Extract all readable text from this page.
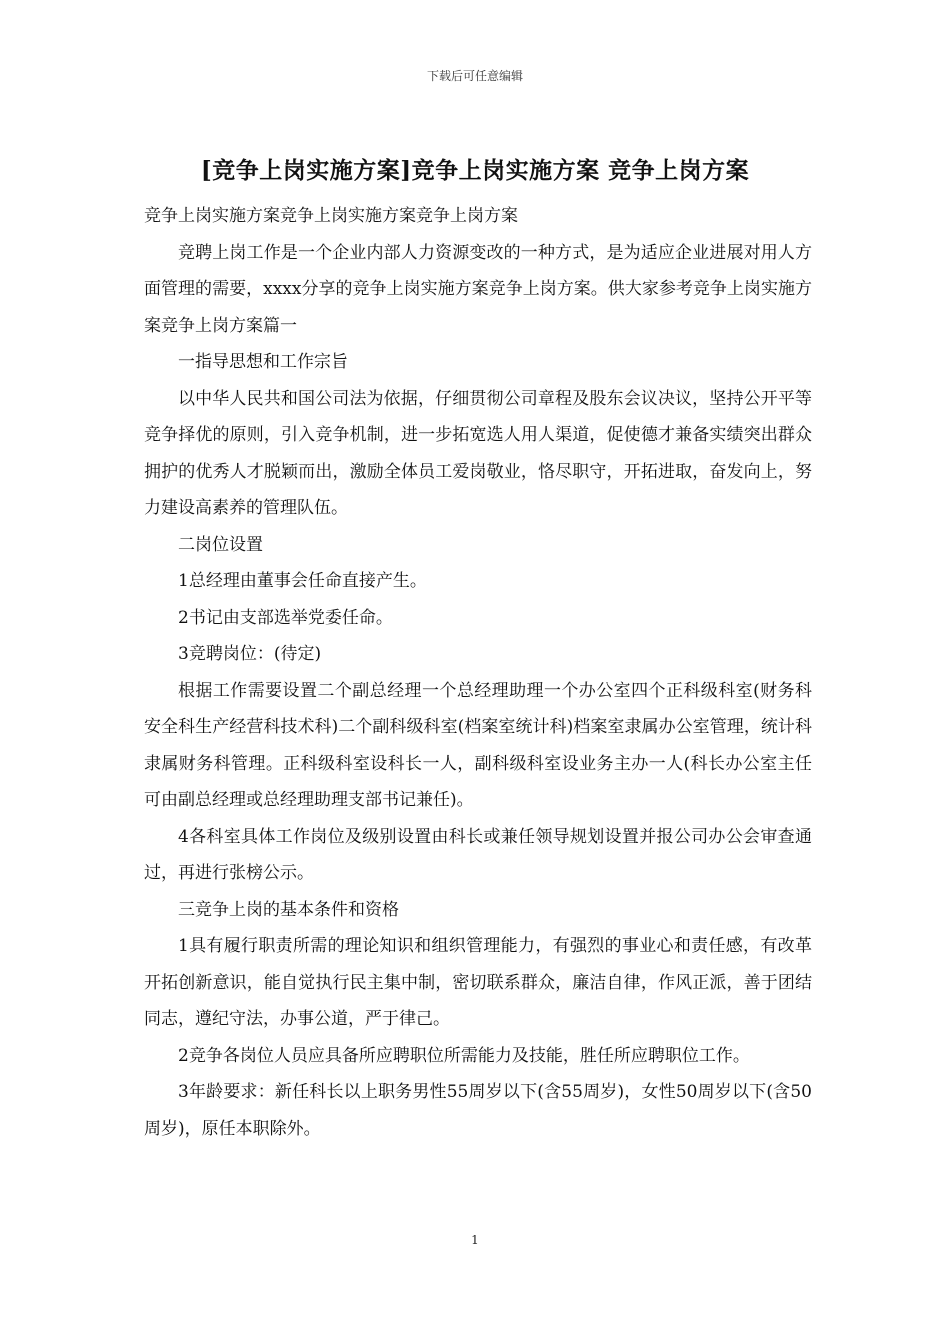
下载后可任意编辑
[竞争上岗实施方案]竞争上岗实施方案 竞争上岗方案

竞争上岗实施方案竞争上岗实施方案竞争上岗方案

竞聘上岗工作是一个企业内部人力资源变改的一种方式，是为适应企业进展对用人方面管理的需要，xxxx分享的竞争上岗实施方案竞争上岗方案。供大家参考竞争上岗实施方案竞争上岗方案篇一

一指导思想和工作宗旨

以中华人民共和国公司法为依据，仔细贯彻公司章程及股东会议决议，坚持公开平等竞争择优的原则，引入竞争机制，进一步拓宽选人用人渠道，促使德才兼备实绩突出群众拥护的优秀人才脱颖而出，激励全体员工爱岗敬业，恪尽职守，开拓进取，奋发向上，努力建设高素养的管理队伍。

二岗位设置

1总经理由董事会任命直接产生。

2书记由支部选举党委任命。

3竞聘岗位：(待定)

根据工作需要设置二个副总经理一个总经理助理一个办公室四个正科级科室(财务科安全科生产经营科技术科)二个副科级科室(档案室统计科)档案室隶属办公室管理，统计科隶属财务科管理。正科级科室设科长一人，副科级科室设业务主办一人(科长办公室主任可由副总经理或总经理助理支部书记兼任)。

4各科室具体工作岗位及级别设置由科长或兼任领导规划设置并报公司办公会审查通过，再进行张榜公示。

三竞争上岗的基本条件和资格

1具有履行职责所需的理论知识和组织管理能力，有强烈的事业心和责任感，有改革开拓创新意识，能自觉执行民主集中制，密切联系群众，廉洁自律，作风正派，善于团结同志，遵纪守法，办事公道，严于律己。

2竞争各岗位人员应具备所应聘职位所需能力及技能，胜任所应聘职位工作。

3年龄要求：新任科长以上职务男性55周岁以下(含55周岁)，女性50周岁以下(含50周岁)，原任本职除外。

1
